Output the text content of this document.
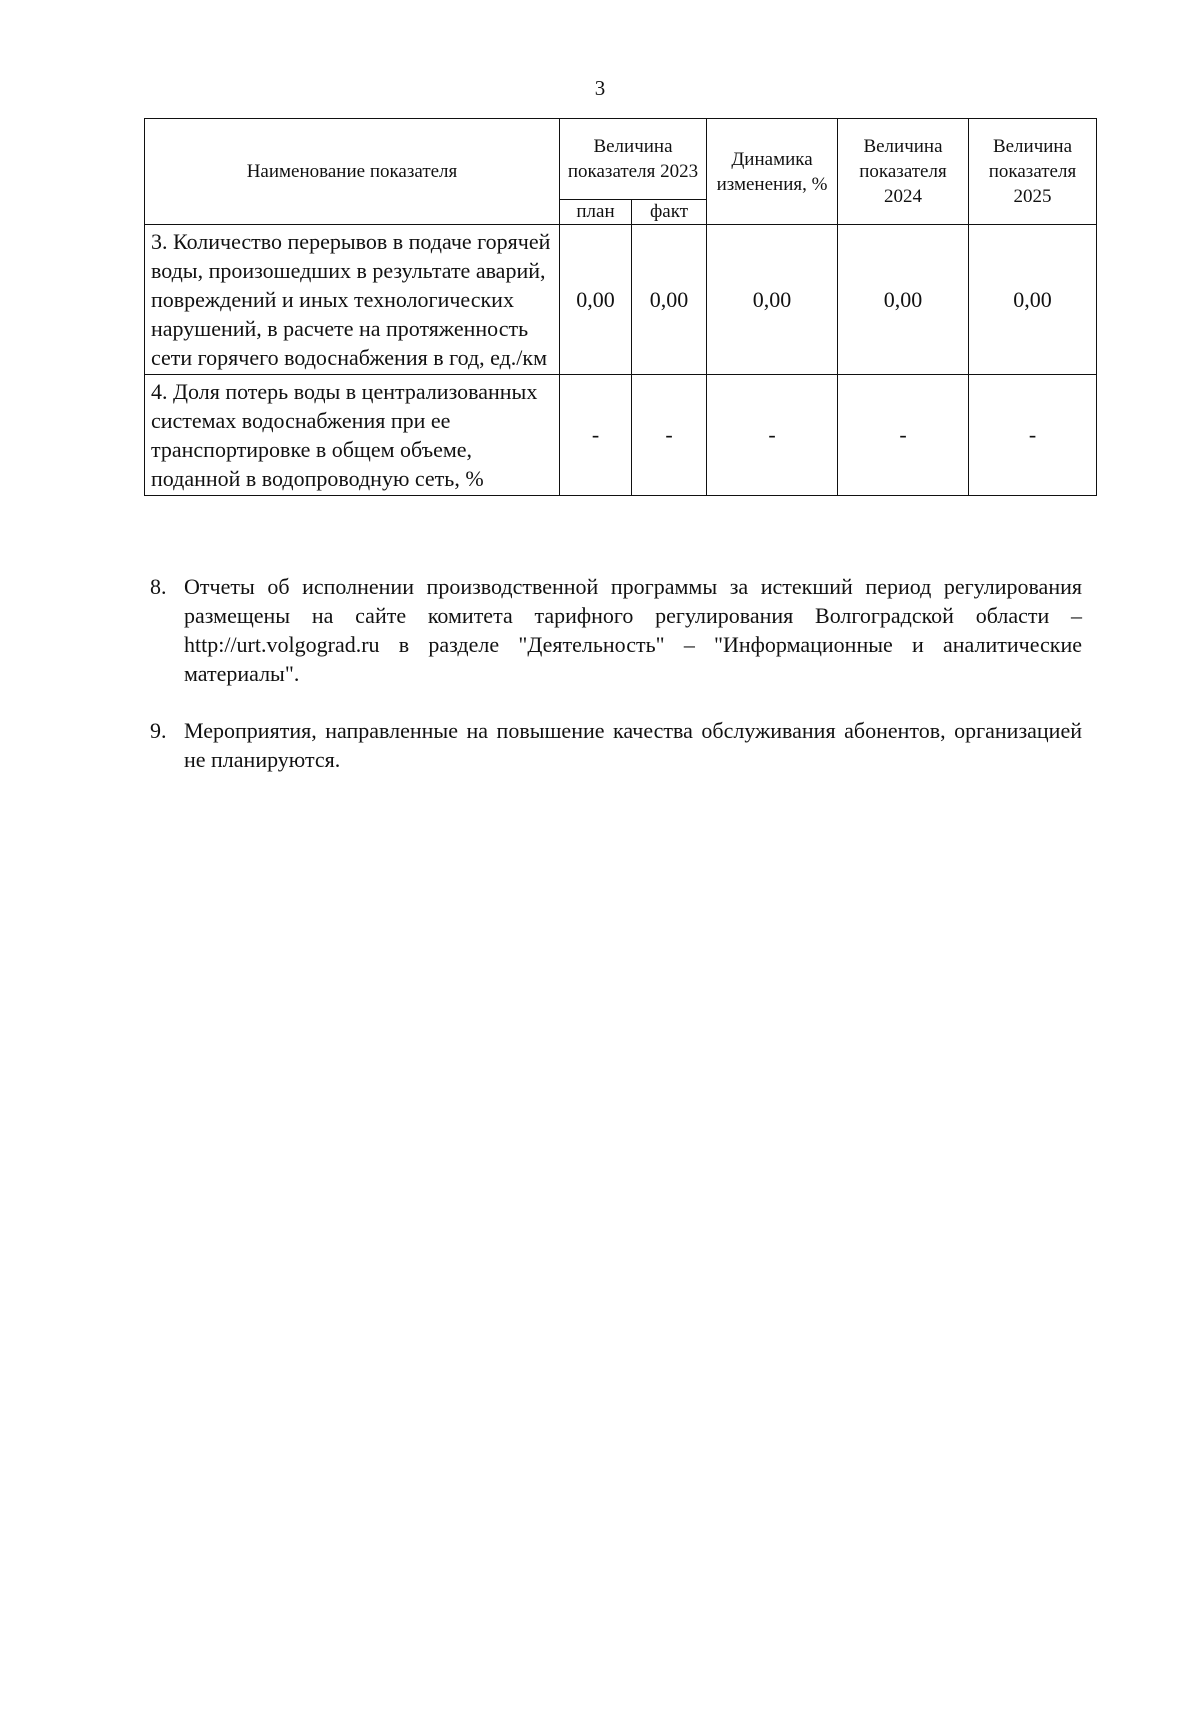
3
Наименование показателя	Величина показателя 2023		Динамика изменения, %	Величина показателя 2024	Величина показателя 2025
	план	факт			
3. Количество перерывов в подаче горячей воды, произошедших в результате аварий, повреждений и иных технологических нарушений, в расчете на протяженность сети горячего водоснабжения в год, ед./км	0,00	0,00	0,00	0,00	0,00
4. Доля потерь воды в централизованных системах водоснабжения при ее транспортировке в общем объеме, поданной в водопроводную сеть, %	-	-	-	-	-
8. Отчеты об исполнении производственной программы за истекший период регулирования размещены на сайте комитета тарифного регулирования Волгоградской области – http://urt.volgograd.ru в разделе "Деятельность" – "Информационные и аналитические материалы".
9. Мероприятия, направленные на повышение качества обслуживания абонентов, организацией не планируются.
